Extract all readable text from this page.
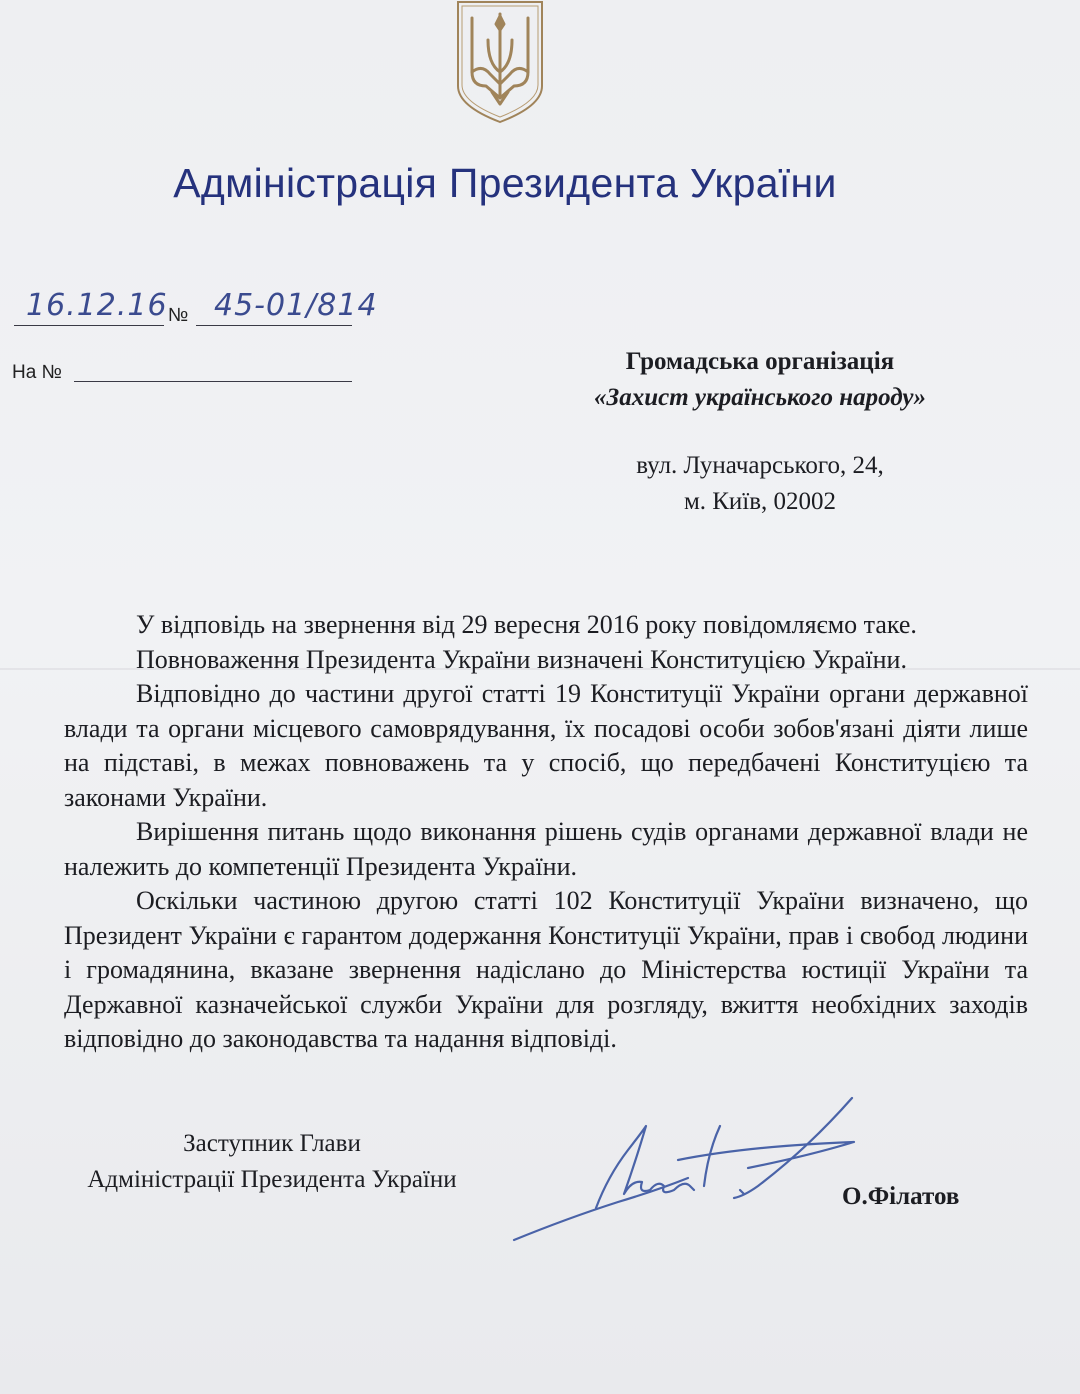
Адміністрація Президента України
16.12.16 № 45-01/814
На №	Громадська організація
«Захист українського народу»
вул. Луначарського, 24,
м. Київ, 02002

У відповідь на звернення від 29 вересня 2016 року повідомляємо таке.

Повноваження Президента України визначені Конституцією України.

Відповідно до частини другої статті 19 Конституції України органи державної влади та органи місцевого самоврядування, їх посадові особи зобов'язані діяти лише на підставі, в межах повноважень та у спосіб, що передбачені Конституцією та законами України.

Вирішення питань щодо виконання рішень судів органами державної влади не належить до компетенції Президента України.

Оскільки частиною другою статті 102 Конституції України визначено, що Президент України є гарантом додержання Конституції України, прав і свобод людини і громадянина, вказане звернення надіслано до Міністерства юстиції України та Державної казначейської служби України для розгляду, вжиття необхідних заходів відповідно до законодавства та надання відповіді.

Заступник Глави
Адміністрації Президента України
О.Філатов
